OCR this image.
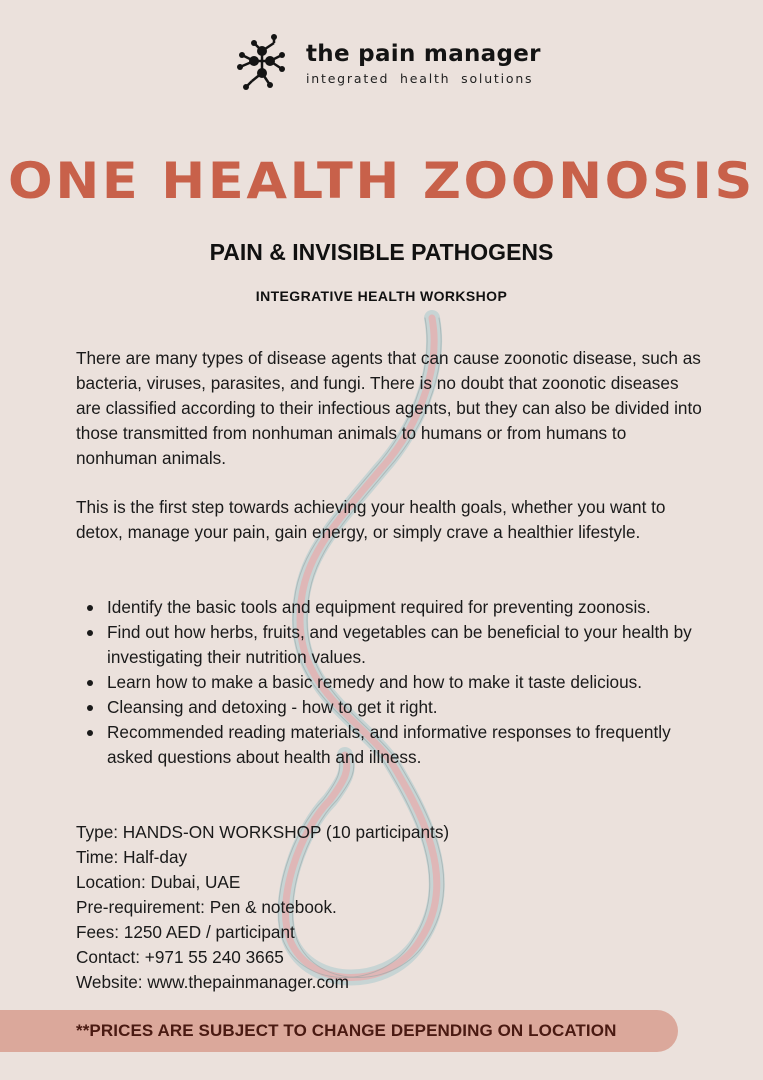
the pain manager
integrated health solutions
ONE HEALTH ZOONOSIS
PAIN & INVISIBLE PATHOGENS
INTEGRATIVE HEALTH WORKSHOP

There are many types of disease agents that can cause zoonotic disease, such as bacteria, viruses, parasites, and fungi. There is no doubt that zoonotic diseases are classified according to their infectious agents, but they can also be divided into those transmitted from nonhuman animals to humans or from humans to nonhuman animals.

This is the first step towards achieving your health goals, whether you want to detox, manage your pain, gain energy, or simply crave a healthier lifestyle.

Identify the basic tools and equipment required for preventing zoonosis.
Find out how herbs, fruits, and vegetables can be beneficial to your health by investigating their nutrition values.
Learn how to make a basic remedy and how to make it taste delicious.
Cleansing and detoxing - how to get it right.
Recommended reading materials, and informative responses to frequently asked questions about health and illness.
Type: HANDS-ON WORKSHOP (10 participants)
Time: Half-day
Location: Dubai, UAE
Pre-requirement: Pen & notebook.
Fees: 1250 AED / participant
Contact: +971 55 240 3665
Website: www.thepainmanager.com
**PRICES ARE SUBJECT TO CHANGE DEPENDING ON LOCATION
